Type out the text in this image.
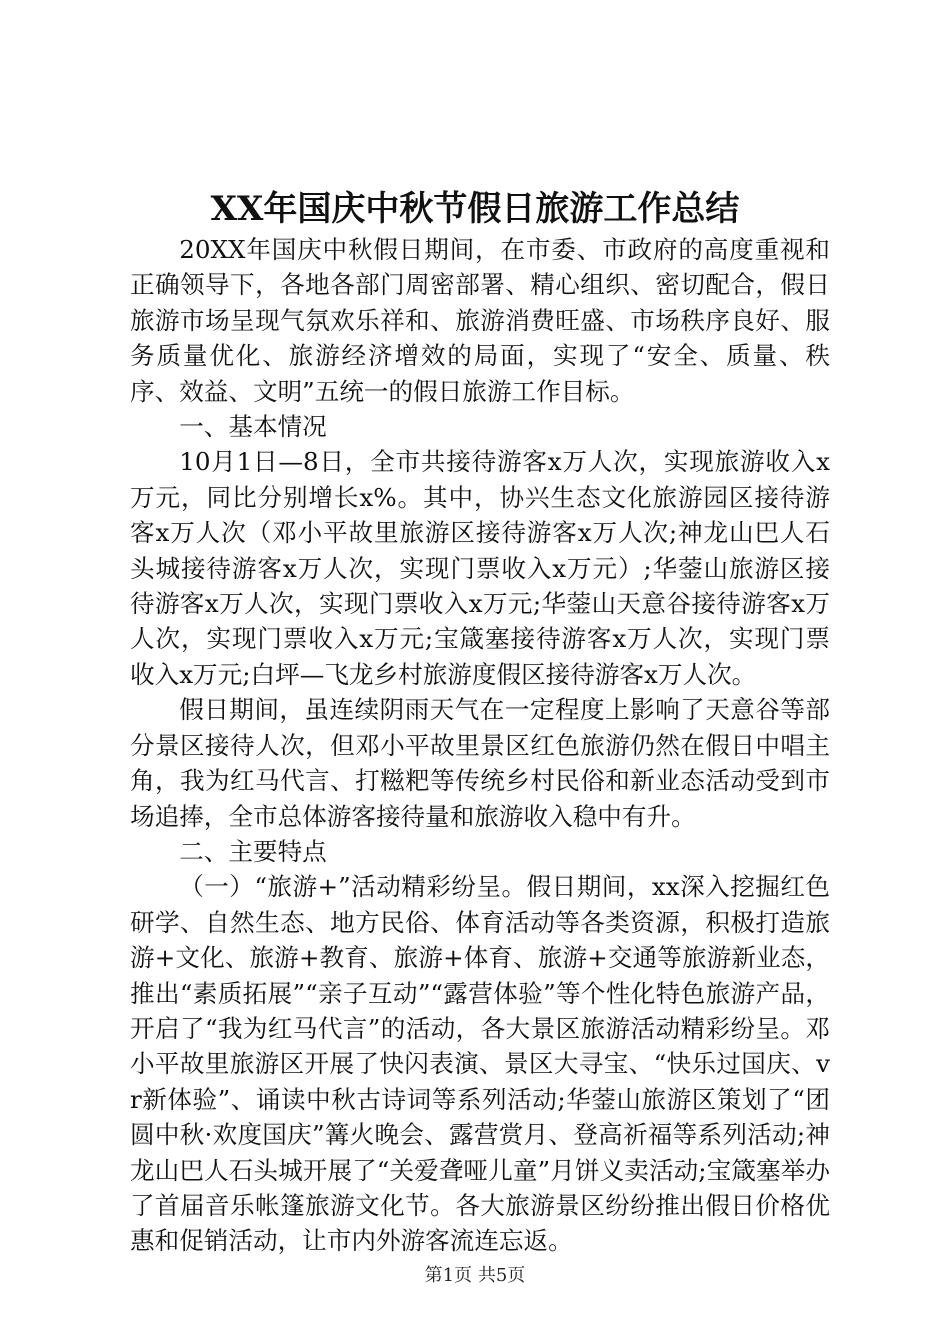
XX年国庆中秋节假日旅游工作总结

20XX年国庆中秋假日期间，在市委、市政府的高度重视和正确领导下，各地各部门周密部署、精心组织、密切配合，假日旅游市场呈现气氛欢乐祥和、旅游消费旺盛、市场秩序良好、服务质量优化、旅游经济增效的局面，实现了“安全、质量、秩序、效益、文明”五统一的假日旅游工作目标。

一、基本情况

10月1日—8日，全市共接待游客x万人次，实现旅游收入x万元，同比分别增长x%。其中，协兴生态文化旅游园区接待游客x万人次（邓小平故里旅游区接待游客x万人次;神龙山巴人石头城接待游客x万人次，实现门票收入x万元）;华蓥山旅游区接待游客x万人次，实现门票收入x万元;华蓥山天意谷接待游客x万人次，实现门票收入x万元;宝箴塞接待游客x万人次，实现门票收入x万元;白坪—飞龙乡村旅游度假区接待游客x万人次。

假日期间，虽连续阴雨天气在一定程度上影响了天意谷等部分景区接待人次，但邓小平故里景区红色旅游仍然在假日中唱主角，我为红马代言、打糍粑等传统乡村民俗和新业态活动受到市场追捧，全市总体游客接待量和旅游收入稳中有升。

二、主要特点

（一）“旅游+”活动精彩纷呈。假日期间，xx深入挖掘红色研学、自然生态、地方民俗、体育活动等各类资源，积极打造旅游+文化、旅游+教育、旅游+体育、旅游+交通等旅游新业态，推出“素质拓展”“亲子互动”“露营体验”等个性化特色旅游产品，开启了“我为红马代言”的活动，各大景区旅游活动精彩纷呈。邓小平故里旅游区开展了快闪表演、景区大寻宝、“快乐过国庆、vr新体验”、诵读中秋古诗词等系列活动;华蓥山旅游区策划了“团圆中秋·欢度国庆”篝火晚会、露营赏月、登高祈福等系列活动;神龙山巴人石头城开展了“关爱聋哑儿童”月饼义卖活动;宝箴塞举办了首届音乐帐篷旅游文化节。各大旅游景区纷纷推出假日价格优惠和促销活动，让市内外游客流连忘返。

第1页 共5页
